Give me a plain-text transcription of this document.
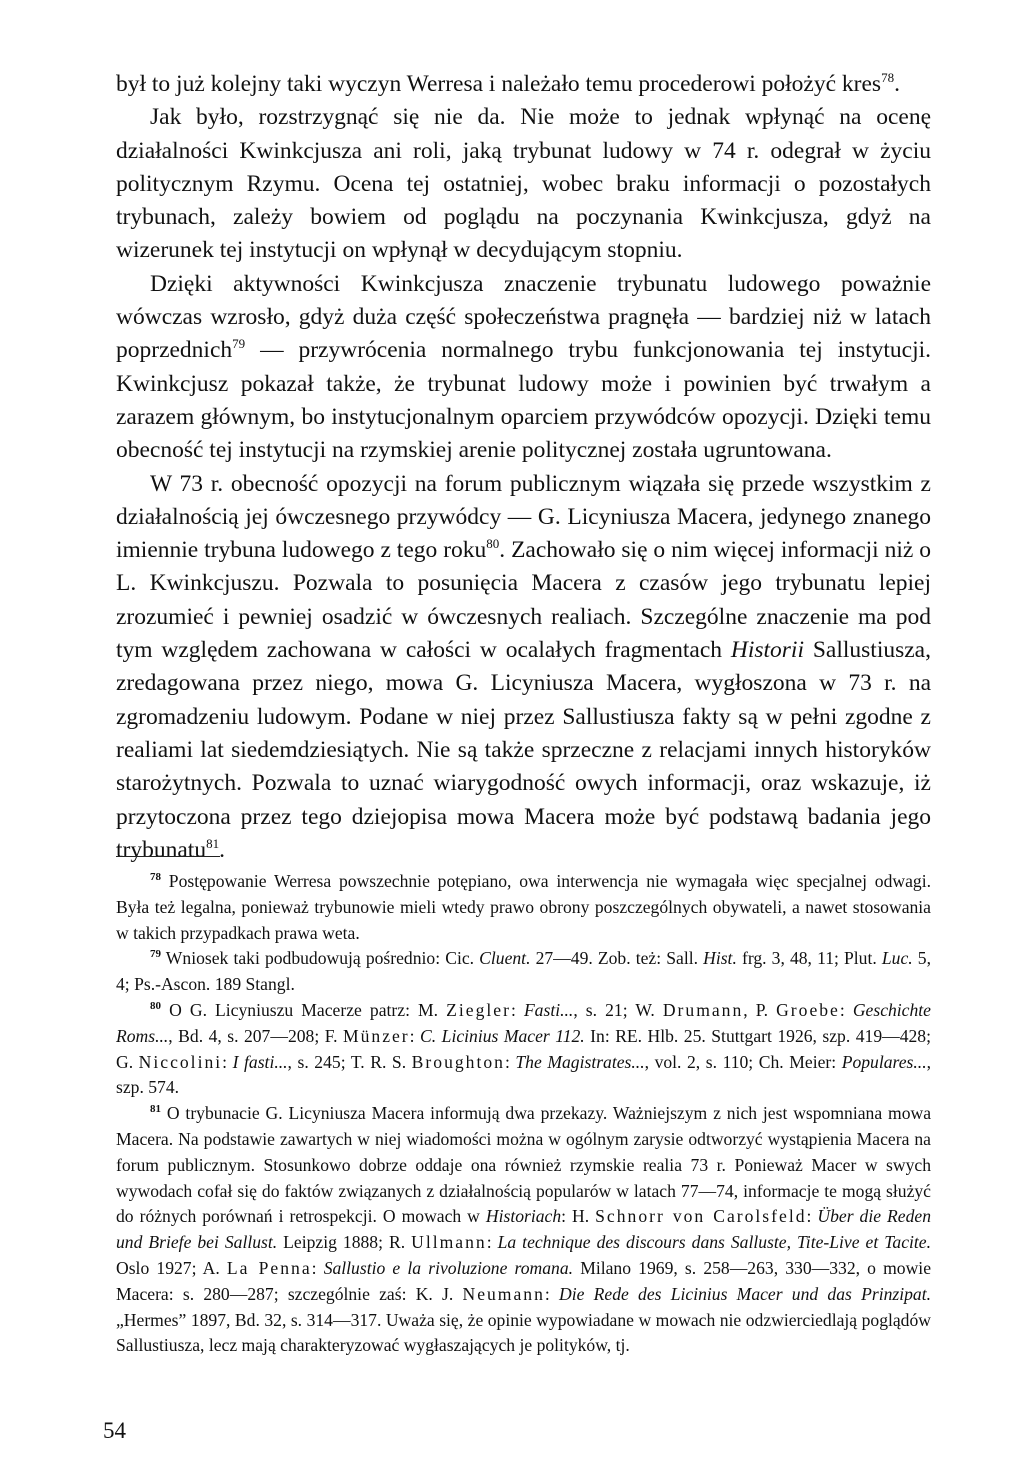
był to już kolejny taki wyczyn Werresa i należało temu procederowi położyć kres$^{78}$.

Jak było, rozstrzygnąć się nie da. Nie może to jednak wpłynąć na ocenę działalności Kwinkcjusza ani roli, jaką trybunat ludowy w 74 r. odegrał w życiu politycznym Rzymu. Ocena tej ostatniej, wobec braku informacji o pozostałych trybunach, zależy bowiem od poglądu na poczynania Kwinkcjusza, gdyż na wizerunek tej instytucji on wpłynął w decydującym stopniu.

Dzięki aktywności Kwinkcjusza znaczenie trybunatu ludowego poważnie wówczas wzrosło, gdyż duża część społeczeństwa pragnęła — bardziej niż w latach poprzednich$^{79}$ — przywrócenia normalnego trybu funkcjonowania tej instytucji. Kwinkcjusz pokazał także, że trybunat ludowy może i powinien być trwałym a zarazem głównym, bo instytucjonalnym oparciem przywódców opozycji. Dzięki temu obecność tej instytucji na rzymskiej arenie politycznej została ugruntowana.

W 73 r. obecność opozycji na forum publicznym wiązała się przede wszystkim z działalnością jej ówczesnego przywódcy — G. Licyniusza Macera, jedynego znanego imiennie trybuna ludowego z tego roku$^{80}$. Zachowało się o nim więcej informacji niż o L. Kwinkcjuszu. Pozwala to posunięcia Macera z czasów jego trybunatu lepiej zrozumieć i pewniej osadzić w ówczesnych realiach. Szczególne znaczenie ma pod tym względem zachowana w całości w ocalałych fragmentach Historii Sallustiusza, zredagowana przez niego, mowa G. Licyniusza Macera, wygłoszona w 73 r. na zgromadzeniu ludowym. Podane w niej przez Sallustiusza fakty są w pełni zgodne z realiami lat siedemdziesiątych. Nie są także sprzeczne z relacjami innych historyków starożytnych. Pozwala to uznać wiarygodność owych informacji, oraz wskazuje, iż przytoczona przez tego dziejopisa mowa Macera może być podstawą badania jego trybunatu$^{81}$.

$^{78}$ Postępowanie Werresa powszechnie potępiano, owa interwencja nie wymagała więc specjalnej odwagi. Była też legalna, ponieważ trybunowie mieli wtedy prawo obrony poszczególnych obywateli, a nawet stosowania w takich przypadkach prawa weta.

$^{79}$ Wniosek taki podbudowują pośrednio: Cic. Cluent. 27—49. Zob. też: Sall. Hist. frg. 3, 48, 11; Plut. Luc. 5, 4; Ps.-Ascon. 189 Stangl.

$^{80}$ O G. Licyniuszu Macerze patrz: M. Ziegler: Fasti..., s. 21; W. Drumann, P. Groebe: Geschichte Roms..., Bd. 4, s. 207—208; F. Münzer: C. Licinius Macer 112. In: RE. Hlb. 25. Stuttgart 1926, szp. 419—428; G. Niccolini: I fasti..., s. 245; T. R. S. Broughton: The Magistrates..., vol. 2, s. 110; Ch. Meier: Populares..., szp. 574.

$^{81}$ O trybunacie G. Licyniusza Macera informują dwa przekazy. Ważniejszym z nich jest wspomniana mowa Macera. Na podstawie zawartych w niej wiadomości można w ogólnym zarysie odtworzyć wystąpienia Macera na forum publicznym. Stosunkowo dobrze oddaje ona również rzymskie realia 73 r. Ponieważ Macer w swych wywodach cofał się do faktów związanych z działalnością popularów w latach 77—74, informacje te mogą służyć do różnych porównań i retrospekcji. O mowach w Historiach: H. Schnorr von Carolsfeld: Über die Reden und Briefe bei Sallust. Leipzig 1888; R. Ullmann: La technique des discours dans Salluste, Tite-Live et Tacite. Oslo 1927; A. La Penna: Sallustio e la rivoluzione romana. Milano 1969, s. 258—263, 330—332, o mowie Macera: s. 280—287; szczególnie zaś: K. J. Neumann: Die Rede des Licinius Macer und das Prinzipat. „Hermes” 1897, Bd. 32, s. 314—317. Uważa się, że opinie wypowiadane w mowach nie odzwierciedlają poglądów Sallustiusza, lecz mają charakteryzować wygłaszających je polityków, tj.

54
